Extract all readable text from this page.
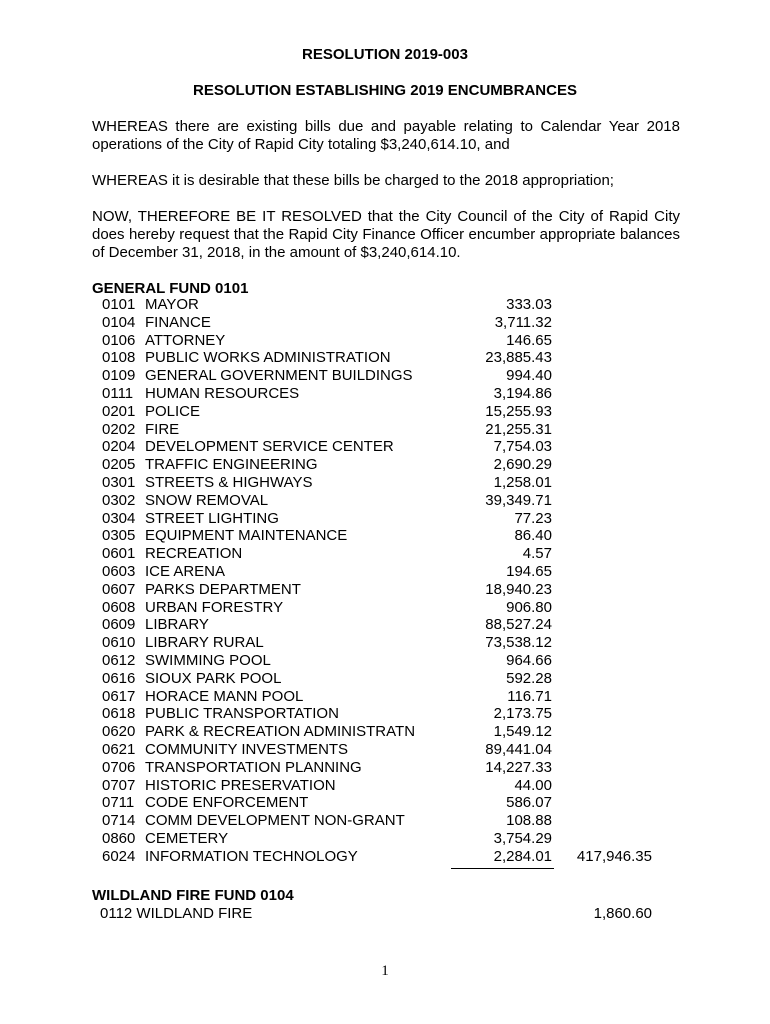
RESOLUTION 2019-003
RESOLUTION ESTABLISHING 2019 ENCUMBRANCES
WHEREAS there are existing bills due and payable relating to Calendar Year 2018 operations of the City of Rapid City totaling $3,240,614.10, and
WHEREAS it is desirable that these bills be charged to the 2018 appropriation;
NOW, THEREFORE BE IT RESOLVED that the City Council of the City of Rapid City does hereby request that the Rapid City Finance Officer encumber appropriate balances of December 31, 2018, in the amount of $3,240,614.10.
GENERAL FUND 0101
0101 MAYOR	333.03
0104 FINANCE	3,711.32
0106 ATTORNEY	146.65
0108 PUBLIC WORKS ADMINISTRATION	23,885.43
0109 GENERAL GOVERNMENT BUILDINGS	994.40
0111 HUMAN RESOURCES	3,194.86
0201 POLICE	15,255.93
0202 FIRE	21,255.31
0204 DEVELOPMENT SERVICE CENTER	7,754.03
0205 TRAFFIC ENGINEERING	2,690.29
0301 STREETS & HIGHWAYS	1,258.01
0302 SNOW REMOVAL	39,349.71
0304 STREET LIGHTING	77.23
0305 EQUIPMENT MAINTENANCE	86.40
0601 RECREATION	4.57
0603 ICE ARENA	194.65
0607 PARKS DEPARTMENT	18,940.23
0608 URBAN FORESTRY	906.80
0609 LIBRARY	88,527.24
0610 LIBRARY RURAL	73,538.12
0612 SWIMMING POOL	964.66
0616 SIOUX PARK POOL	592.28
0617 HORACE MANN POOL	116.71
0618 PUBLIC TRANSPORTATION	2,173.75
0620 PARK & RECREATION ADMINISTRATN	1,549.12
0621 COMMUNITY INVESTMENTS	89,441.04
0706 TRANSPORTATION PLANNING	14,227.33
0707 HISTORIC PRESERVATION	44.00
0711 CODE ENFORCEMENT	586.07
0714 COMM DEVELOPMENT NON-GRANT	108.88
0860 CEMETERY	3,754.29
6024 INFORMATION TECHNOLOGY	2,284.01 417,946.35
WILDLAND FIRE FUND 0104
0112 WILDLAND FIRE	1,860.60
1
